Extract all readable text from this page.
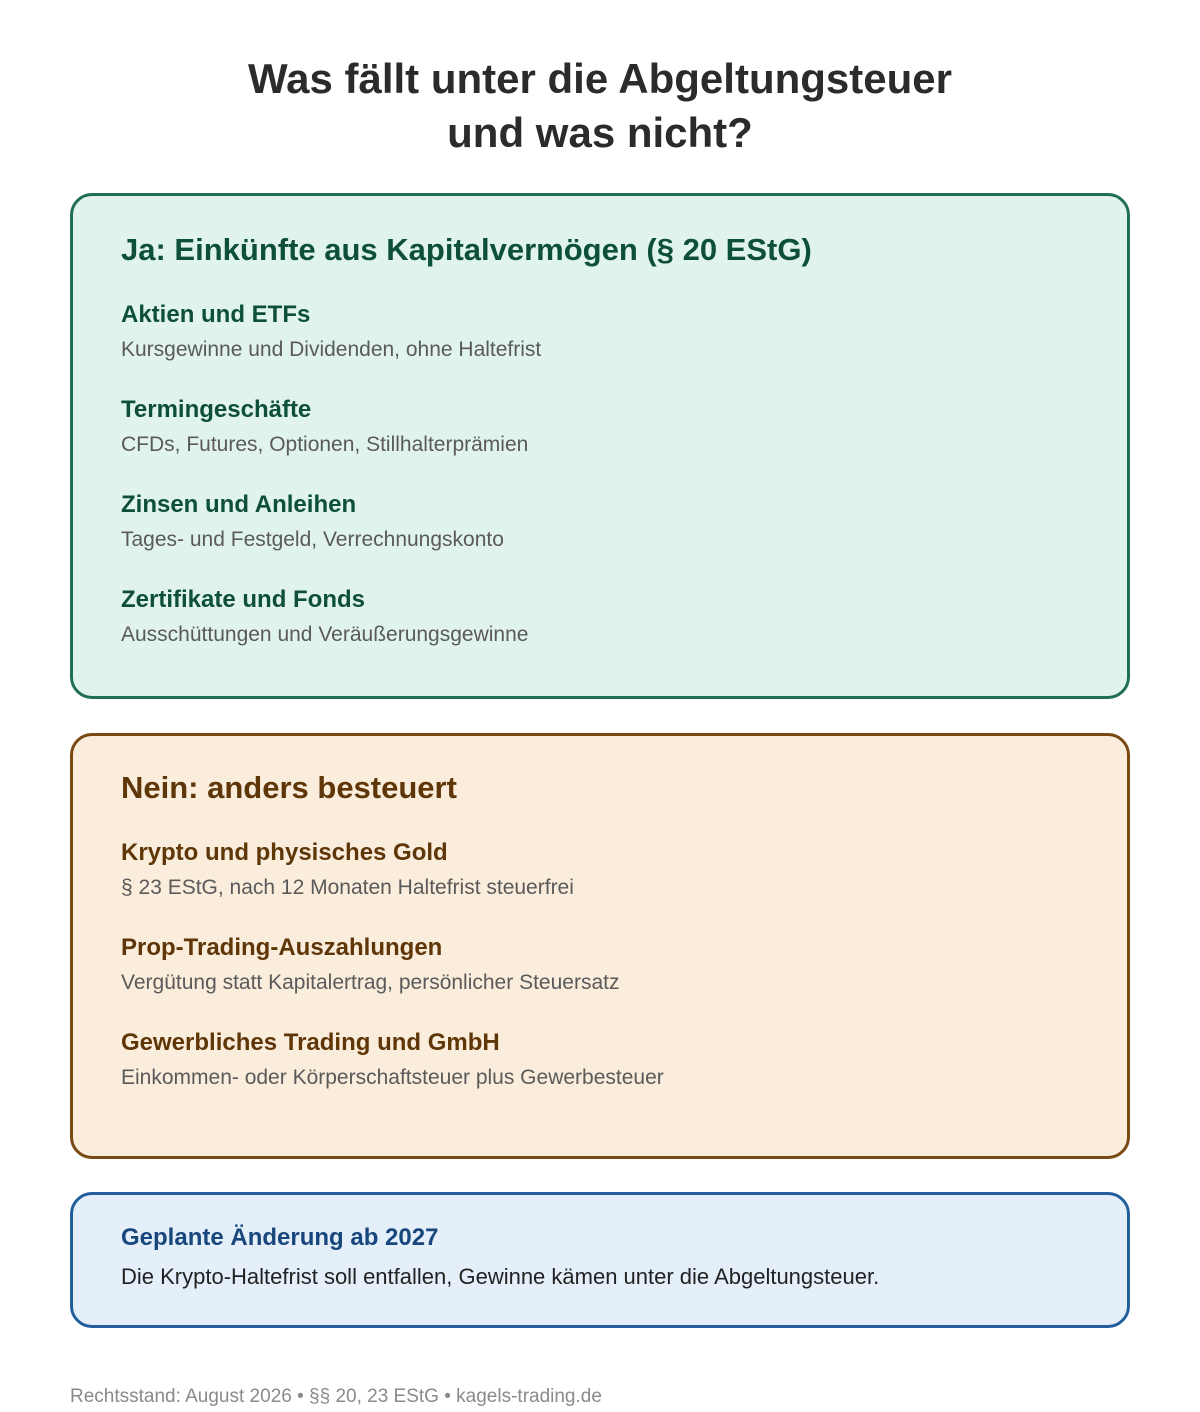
Was fällt unter die Abgeltungsteuer
und was nicht?
Ja: Einkünfte aus Kapitalvermögen (§ 20 EStG)
Aktien und ETFs
Kursgewinne und Dividenden, ohne Haltefrist
Termingeschäfte
CFDs, Futures, Optionen, Stillhalterprämien
Zinsen und Anleihen
Tages- und Festgeld, Verrechnungskonto
Zertifikate und Fonds
Ausschüttungen und Veräußerungsgewinne
Nein: anders besteuert
Krypto und physisches Gold
§ 23 EStG, nach 12 Monaten Haltefrist steuerfrei
Prop-Trading-Auszahlungen
Vergütung statt Kapitalertrag, persönlicher Steuersatz
Gewerbliches Trading und GmbH
Einkommen- oder Körperschaftsteuer plus Gewerbesteuer
Geplante Änderung ab 2027
Die Krypto-Haltefrist soll entfallen, Gewinne kämen unter die Abgeltungsteuer.
Rechtsstand: August 2026 • §§ 20, 23 EStG • kagels-trading.de
